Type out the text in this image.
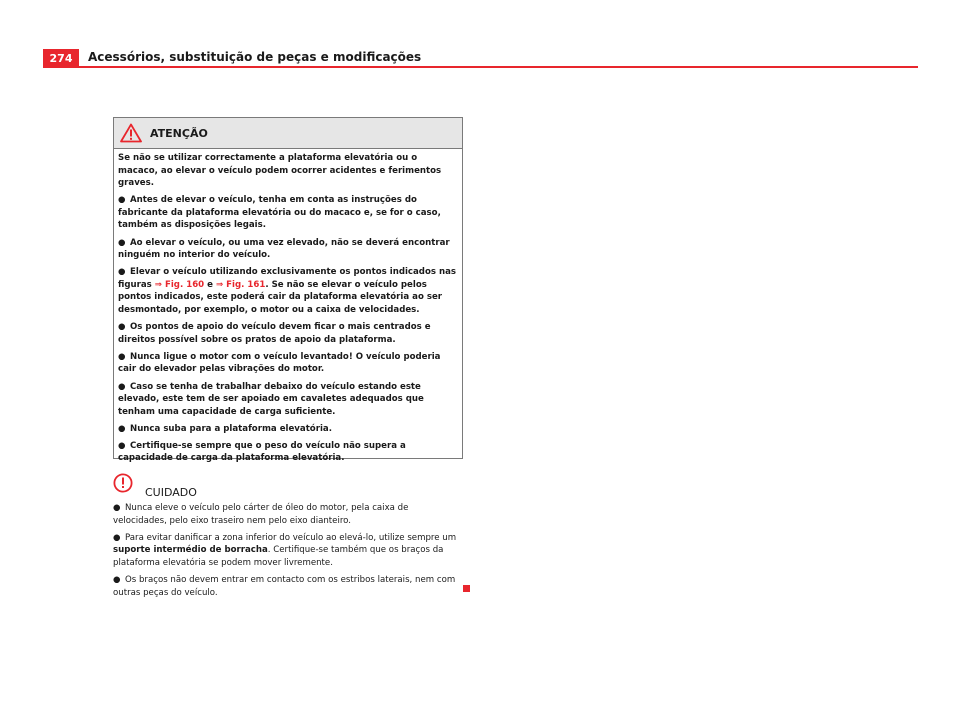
274 Acessórios, substituição de peças e modificações
ATENÇÃO

Se não se utilizar correctamente a plataforma elevatória ou o macaco, ao elevar o veículo podem ocorrer acidentes e ferimentos graves.

● Antes de elevar o veículo, tenha em conta as instruções do fabricante da plataforma elevatória ou do macaco e, se for o caso, também as disposições legais.

● Ao elevar o veículo, ou uma vez elevado, não se deverá encontrar ninguém no interior do veículo.

● Elevar o veículo utilizando exclusivamente os pontos indicados nas figuras ⇒ Fig. 160 e ⇒ Fig. 161. Se não se elevar o veículo pelos pontos indicados, este poderá cair da plataforma elevatória ao ser desmontado, por exemplo, o motor ou a caixa de velocidades.

● Os pontos de apoio do veículo devem ficar o mais centrados e direitos possível sobre os pratos de apoio da plataforma.

● Nunca ligue o motor com o veículo levantado! O veículo poderia cair do elevador pelas vibrações do motor.

● Caso se tenha de trabalhar debaixo do veículo estando este elevado, este tem de ser apoiado em cavaletes adequados que tenham uma capacidade de carga suficiente.

● Nunca suba para a plataforma elevatória.

● Certifique-se sempre que o peso do veículo não supera a capacidade de carga da plataforma elevatória.

CUIDADO

● Nunca eleve o veículo pelo cárter de óleo do motor, pela caixa de velocidades, pelo eixo traseiro nem pelo eixo dianteiro.

● Para evitar danificar a zona inferior do veículo ao elevá-lo, utilize sempre um suporte intermédio de borracha. Certifique-se também que os braços da plataforma elevatória se podem mover livremente.

● Os braços não devem entrar em contacto com os estribos laterais, nem com outras peças do veículo.
